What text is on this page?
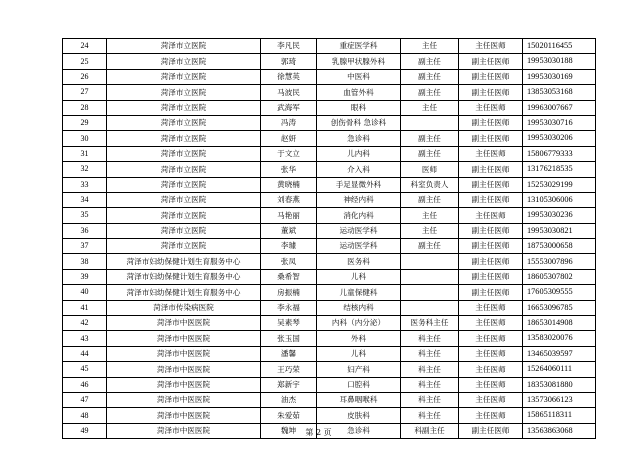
24	菏泽市立医院	李凡民	重症医学科	主任	主任医师	15020116455
25	菏泽市立医院	郭琦	乳腺甲状腺外科	副主任	副主任医师	19953030188
26	菏泽市立医院	徐慧英	中医科	副主任	副主任医师	19953030169
27	菏泽市立医院	马波民	血管外科	副主任	副主任医师	13853053168
28	菏泽市立医院	武海军	眼科	主任	主任医师	19963007667
29	菏泽市立医院	冯涛	创伤骨科 急诊科		副主任医师	19953030716
30	菏泽市立医院	赵妍	急诊科	副主任	副主任医师	19953030206
31	菏泽市立医院	于文立	儿内科	副主任	主任医师	15806779333
32	菏泽市立医院	张华	介入科	医师	副主任医师	13176218535
33	菏泽市立医院	黄晓楠	手足显微外科	科室负责人	副主任医师	15253029199
34	菏泽市立医院	刘春燕	神经内科	副主任	副主任医师	13105306006
35	菏泽市立医院	马艳丽	消化内科	主任	主任医师	19953030236
36	菏泽市立医院	董斌	运动医学科	主任	副主任医师	19953030821
37	菏泽市立医院	李璩	运动医学科	副主任	副主任医师	18753000658
38	菏泽市妇幼保健计划生育服务中心	张凤	医务科		副主任医师	15553007896
39	菏泽市妇幼保健计划生育服务中心	桑希智	儿科		副主任医师	18605307802
40	菏泽市妇幼保健计划生育服务中心	房振楠	儿童保健科		副主任医师	17605309555
41	菏泽市传染病医院	李永福	结核内科		主任医师	16653096785
42	菏泽市中医医院	吴素琴	内科（内分泌）	医务科主任	主任医师	18653014908
43	菏泽市中医医院	张玉国	外科	科主任	主任医师	13583020076
44	菏泽市中医医院	潘馨	儿科	科主任	主任医师	13465039597
45	菏泽市中医医院	王巧荣	妇产科	科主任	主任医师	15264060111
46	菏泽市中医医院	郑新宇	口腔科	科主任	主任医师	18353081880
47	菏泽市中医医院	油杰	耳鼻咽喉科	科主任	主任医师	13573066123
48	菏泽市中医医院	朱爱茹	皮肤科	科主任	主任医师	15865118311
49	菏泽市中医医院	魏坤	急诊科	科副主任	副主任医师	13563863068
第 2 页
